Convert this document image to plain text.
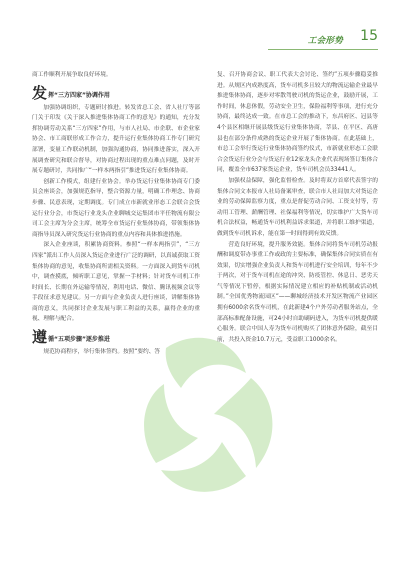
工会形势 15

商工作顺利开展争取良好环境。

发 挥“三方四家”协调作用

加强协调组织，专题研讨推进。转发省总工会、省人社厅等部门关于印发《关于深入推进集体协商工作的意见》的通知，充分发挥协调劳动关系“三方四家”作用，与市人社局、市企联、市企业家协会、市工商联形成工作合力，提升运行业集体协商工作专门研究部署，变量工作联动机制，加强沟通协商，协同推进落实，深入开展调查研究和联合督导，对协商过程出现的重点难点问题，及时开展专题研讨，共同推广“一样本两指引”推进货运行业集体协商。

创新工作模式，组建行业协会。举办货运行业集体协商专门委员会座谈会，加强规范指导，整合资源力量，明确工作理念、协商步骤、民意表现，定期调度。专门成立市新就业形态工会联合会货运行业分会，市货运行业龙头企业聊城交运集团市平任物流有限公司工会主席为分会主席，统筹全市货运行业集体协商，带领集体协商指导员深入研究货运行业协商的重点内容和具体推进措施。

深入企业座谈，积累协商资料。参照“一样本两指引”，“三方四家”派出工作人员深入货运企业进行广泛的调研，以真诚获取工资集体协商的意见，收集协商所需相关资料。一方面深入到货车司机中，调查摸底，倾听职工意见，掌握一手材料；针对货车司机工作时间长、长期在外运输等情况，利用电话、微信、腾讯视频会议等手段征求意见建议。另一方面与企业负责人进行座谈，讲解集体协商的意义，共同探讨企业发展与职工利益的关系，赢得企业的重视、理解与配合。

遵 循“五项步骤”逐步推进

规范协商程序，举行集体签约。按照“要约、答

复、召开协商会议、职工代表大会讨论、签约”五项步骤稳妥推进。从规区内成熟度高，货车司机多且较大的物流运输企业最早推进集体协商，逐步对零散驾驶司机的货运企业，鼓励开展，工作时间，休息休假，劳动安全卫生，保险福利等事项，进行充分协商，最终达成一致。在市总工会的推动下，东昌府区、冠县等4个县区相继开展县级货运行业集体协商，莘县、在平区、高唐县也在部分条件成熟的货运企业开展了集体协商。在此基础上，市总工会举行货运行业集体协商签约仪式，市新就业形态工会联合会货运行业分会与货运行业12家龙头企业代表现场签订集体合同，覆盖全市637家货运企业，货车司机会员33441人。

加强权益保障，强化监督检查。及时将双方首席代表签字的集体合同文本报市人社局备案审查，联合市人社局加大对货运企业的劳动保障监察力度，重点是督促劳动合同、工资支付等，劳动用工管理、薪酬管理、社保福利等情况，切实维护广大货车司机合法权益，畅通货车司机利益诉求渠道，并将职工维护渠道，做到货车司机诉求，能在第一时间得到有效反馈。

营造良好环境，提升服务效能。集体合同将货车司机劳动报酬和调度带办事重工作或政的主要标准，确保集体合同实质在有效果，切实增强企业负责人和货车司机进行安全培训，每年不少于两次，对于货车司机在途的冲突、防疫管控、休息日、恶劣天气等情况下暂停，根据实际情况建立相应的补贴机制或活动机制。”全国优秀物流园区”——聊城经济技术开发区物流产业园区拥有6000余名货车司机，在此新建4个户外劳动者服务站点，全部高标准配备设施，可24小时自助刷码进入，为货车司机提供暖心服务。联合中国人寿为货车司机购买了团体意外保险，截至目前，共投入资金10.7万元，受益职工1000余名。
